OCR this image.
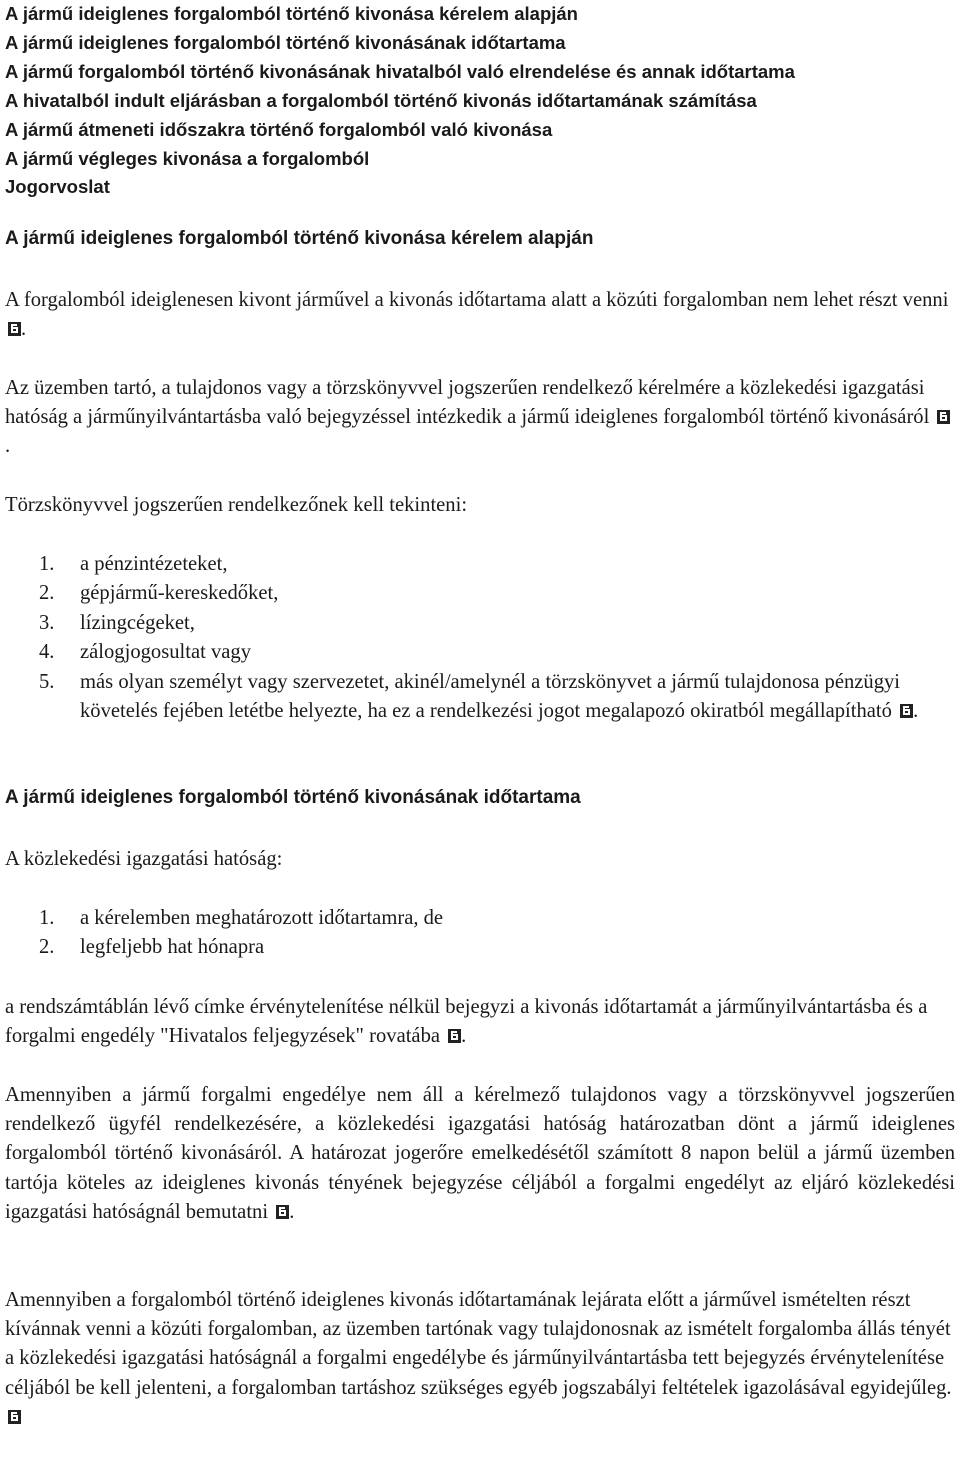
A jármű ideiglenes forgalomból történő kivonása kérelem alapján
A jármű ideiglenes forgalomból történő kivonásának időtartama
A jármű forgalomból történő kivonásának hivatalból való elrendelése és annak időtartama
A hivatalból indult eljárásban a forgalomból történő kivonás időtartamának számítása
A jármű átmeneti időszakra történő forgalomból való kivonása
A jármű végleges kivonása a forgalomból
Jogorvoslat
A jármű ideiglenes forgalomból történő kivonása kérelem alapján

A forgalomból ideiglenesen kivont járművel a kivonás időtartama alatt a közúti forgalomban nem lehet részt venni .

Az üzemben tartó, a tulajdonos vagy a törzskönyvvel jogszerűen rendelkező kérelmére a közlekedési igazgatási hatóság a járműnyilvántartásba való bejegyzéssel intézkedik a jármű ideiglenes forgalomból történő kivonásáról .

Törzskönyvvel jogszerűen rendelkezőnek kell tekinteni:

1. a pénzintézeteket,
2. gépjármű-kereskedőket,
3. lízingcégeket,
4. zálogjogosultat vagy
5. más olyan személyt vagy szervezetet, akinél/amelynél a törzskönyvet a jármű tulajdonosa pénzügyi követelés fejében letétbe helyezte, ha ez a rendelkezési jogot megalapozó okiratból megállapítható .
A jármű ideiglenes forgalomból történő kivonásának időtartama

A közlekedési igazgatási hatóság:

1. a kérelemben meghatározott időtartamra, de
2. legfeljebb hat hónapra

a rendszámtáblán lévő címke érvénytelenítése nélkül bejegyzi a kivonás időtartamát a járműnyilvántartásba és a forgalmi engedély "Hivatalos feljegyzések" rovatába .

Amennyiben a jármű forgalmi engedélye nem áll a kérelmező tulajdonos vagy a törzskönyvvel jogszerűen rendelkező ügyfél rendelkezésére, a közlekedési igazgatási hatóság határozatban dönt a jármű ideiglenes forgalomból történő kivonásáról. A határozat jogerőre emelkedésétől számított 8 napon belül a jármű üzemben tartója köteles az ideiglenes kivonás tényének bejegyzése céljából a forgalmi engedélyt az eljáró közlekedési igazgatási hatóságnál bemutatni .

Amennyiben a forgalomból történő ideiglenes kivonás időtartamának lejárata előtt a járművel ismételten részt kívánnak venni a közúti forgalomban, az üzemben tartónak vagy tulajdonosnak az ismételt forgalomba állás tényét a közlekedési igazgatási hatóságnál a forgalmi engedélybe és járműnyilvántartásba tett bejegyzés érvénytelenítése céljából be kell jelenteni, a forgalomban tartáshoz szükséges egyéb jogszabályi feltételek igazolásával egyidejűleg.
